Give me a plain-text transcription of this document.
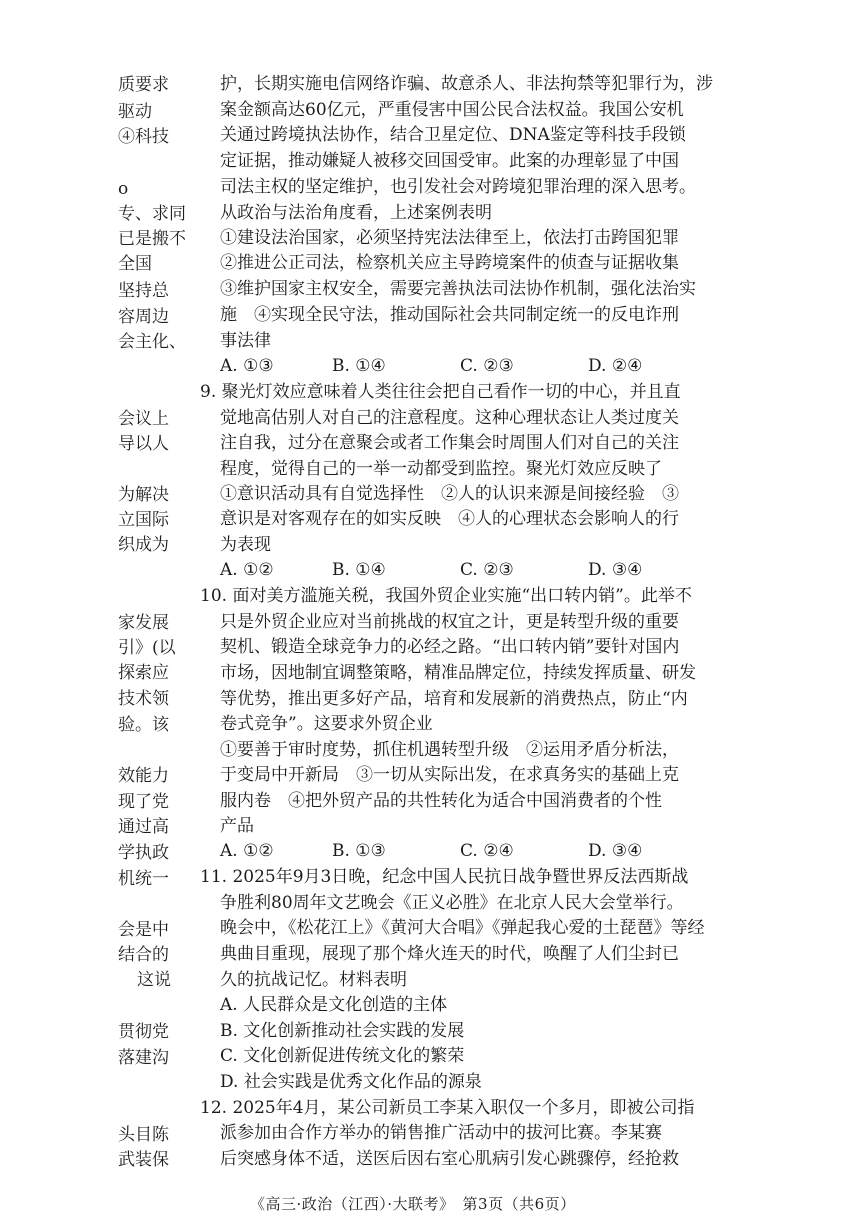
质要求
驱动
④科技
o
专、求同
已是搬不
全国
坚持总
容周边
会主化、
会议上
导以人
为解决
立国际
织成为
家发展
引》(以
探索应
技术领
验。该
效能力
现了党
通过高
学执政
机统一
会是中
结合的
这说
贯彻党
落建沟
头目陈
武装保
护，长期实施电信网络诈骗、故意杀人、非法拘禁等犯罪行为，涉
案金额高达60亿元，严重侵害中国公民合法权益。我国公安机
关通过跨境执法协作，结合卫星定位、DNA鉴定等科技手段锁
定证据，推动嫌疑人被移交回国受审。此案的办理彰显了中国
司法主权的坚定维护，也引发社会对跨境犯罪治理的深入思考。
从政治与法治角度看，上述案例表明
①建设法治国家，必须坚持宪法法律至上，依法打击跨国犯罪
②推进公正司法，检察机关应主导跨境案件的侦查与证据收集
③维护国家主权安全，需要完善执法司法协作机制，强化法治实
施　④实现全民守法，推动国际社会共同制定统一的反电诈刑
事法律
A. ①③	B. ①④	C. ②③	D. ②④
9. 聚光灯效应意味着人类往往会把自己看作一切的中心，并且直
觉地高估别人对自己的注意程度。这种心理状态让人类过度关
注自我，过分在意聚会或者工作集会时周围人们对自己的关注
程度，觉得自己的一举一动都受到监控。聚光灯效应反映了
①意识活动具有自觉选择性　②人的认识来源是间接经验　③
意识是对客观存在的如实反映　④人的心理状态会影响人的行
为表现
A. ①②	B. ①④	C. ②③	D. ③④
10. 面对美方滥施关税，我国外贸企业实施“出口转内销”。此举不
只是外贸企业应对当前挑战的权宜之计，更是转型升级的重要
契机、锻造全球竞争力的必经之路。“出口转内销”要针对国内
市场，因地制宜调整策略，精准品牌定位，持续发挥质量、研发
等优势，推出更多好产品，培育和发展新的消费热点，防止“内
卷式竞争”。这要求外贸企业
①要善于审时度势，抓住机遇转型升级　②运用矛盾分析法，
于变局中开新局　③一切从实际出发，在求真务实的基础上克
服内卷　④把外贸产品的共性转化为适合中国消费者的个性
产品
A. ①②	B. ①③	C. ②④	D. ③④
11. 2025年9月3日晚，纪念中国人民抗日战争暨世界反法西斯战
争胜利80周年文艺晚会《正义必胜》在北京人民大会堂举行。
晚会中，《松花江上》《黄河大合唱》《弹起我心爱的土琵琶》等经
典曲目重现，展现了那个烽火连天的时代，唤醒了人们尘封已
久的抗战记忆。材料表明
A. 人民群众是文化创造的主体
B. 文化创新推动社会实践的发展
C. 文化创新促进传统文化的繁荣
D. 社会实践是优秀文化作品的源泉
12. 2025年4月，某公司新员工李某入职仅一个多月，即被公司指
派参加由合作方举办的销售推广活动中的拔河比赛。李某赛
后突感身体不适，送医后因右室心肌病引发心跳骤停，经抢救
《高三·政治（江西）·大联考》　第3页（共6页）
